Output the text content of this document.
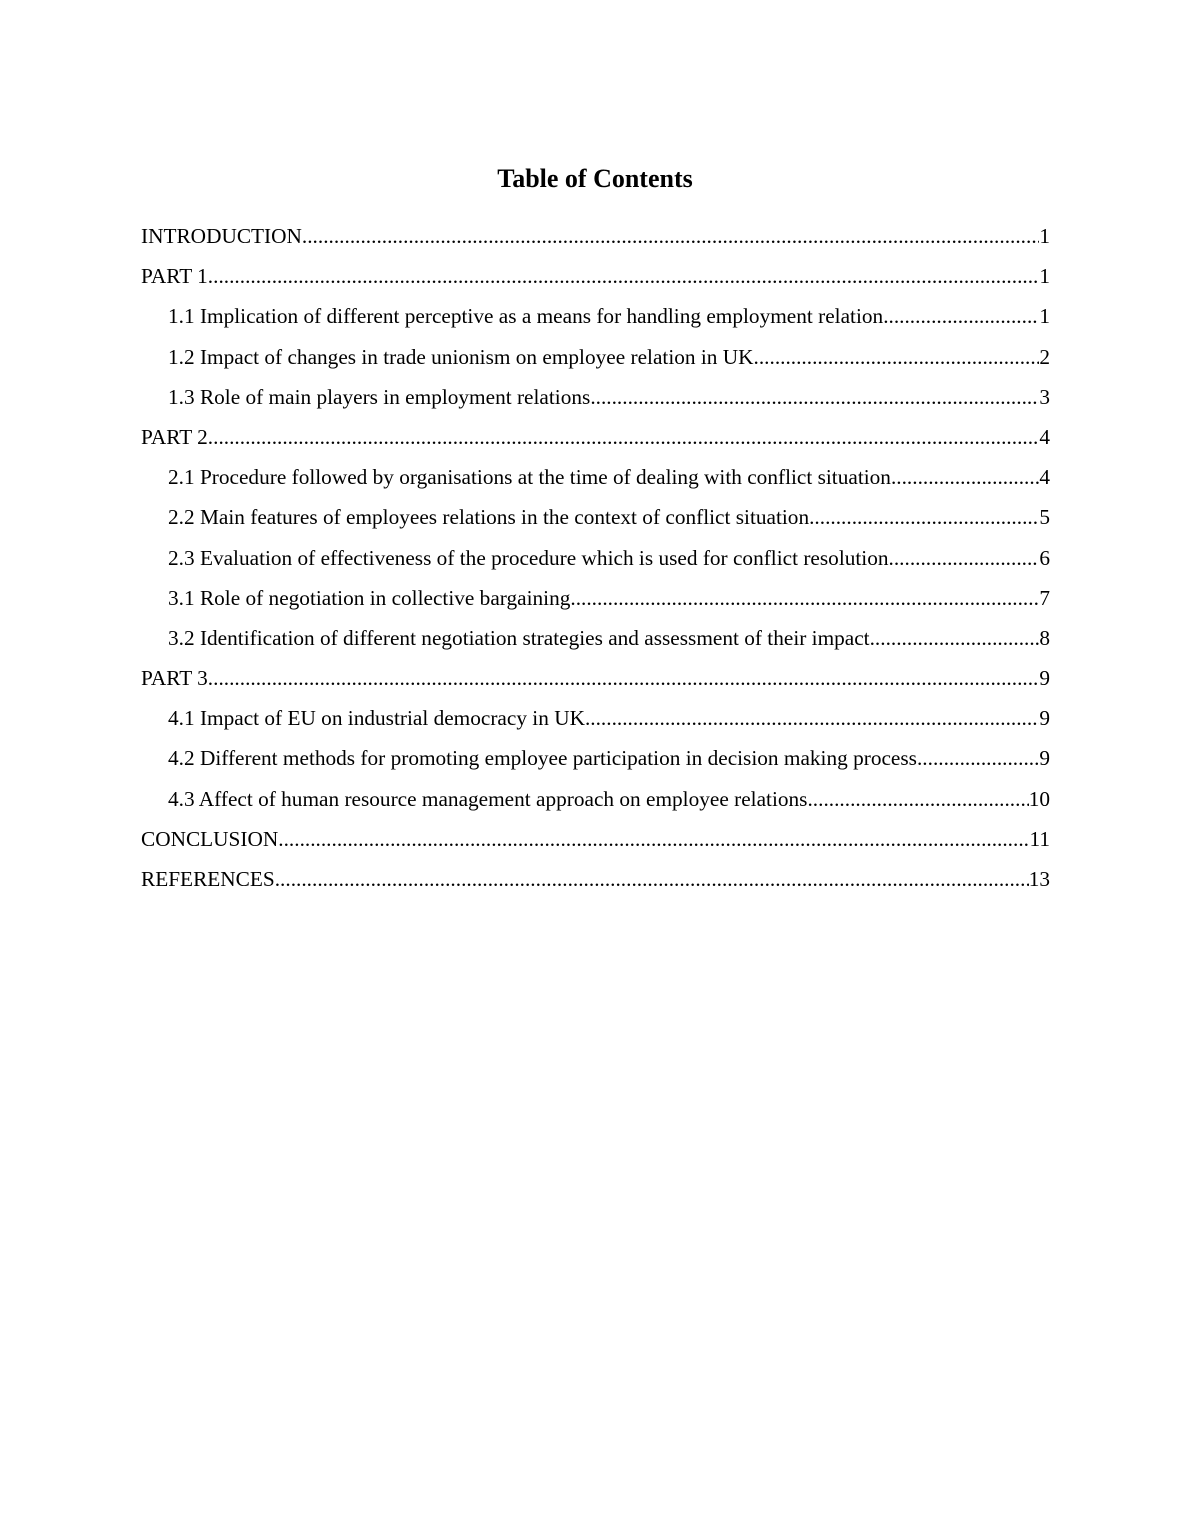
Table of Contents
INTRODUCTION .....	1
PART 1 .....	1
1.1 Implication of different perceptive as a means for handling employment relation .....	1
1.2 Impact of changes in trade unionism on employee relation in UK .....	2
1.3 Role of main players in employment relations .....	3
PART 2 .....	4
2.1 Procedure followed by organisations at the time of dealing with conflict situation .....	4
2.2 Main features of employees relations in the context of conflict situation .....	5
2.3 Evaluation of effectiveness of the procedure which is used for conflict resolution .....	6
3.1 Role of negotiation in collective bargaining .....	7
3.2 Identification of different negotiation strategies and assessment of their impact .....	8
PART 3 .....	9
4.1 Impact of EU on industrial democracy in UK .....	9
4.2 Different methods for promoting employee participation in decision making process .....	9
4.3 Affect of human resource management approach on employee relations .....	10
CONCLUSION .....	11
REFERENCES .....	13
